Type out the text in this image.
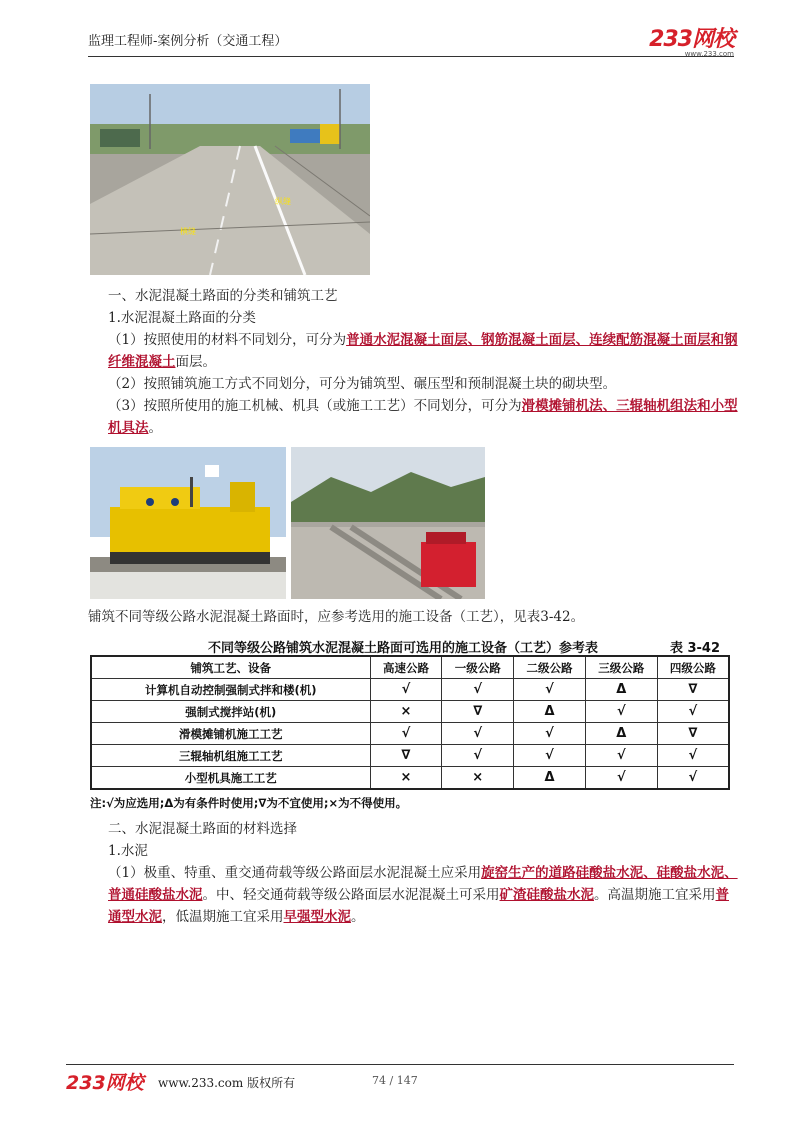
监理工程师-案例分析（交通工程）	233网校
www.233.com
横缝
纵缝

一、水泥混凝土路面的分类和铺筑工艺

1.水泥混凝土路面的分类

（1）按照使用的材料不同划分，可分为普通水泥混凝土面层、钢筋混凝土面层、连续配筋混凝土面层和钢纤维混凝土面层。

（2）按照铺筑施工方式不同划分，可分为铺筑型、碾压型和预制混凝土块的砌块型。

（3）按照所使用的施工机械、机具（或施工工艺）不同划分，可分为滑模摊铺机法、三辊轴机组法和小型机具法。

铺筑不同等级公路水泥混凝土路面时，应参考选用的施工设备（工艺），见表3-42。

不同等级公路铺筑水泥混凝土路面可选用的施工设备（工艺）参考表	表 3-42
铺筑工艺、设备	高速公路	一级公路	二级公路	三级公路	四级公路
计算机自动控制强制式拌和楼(机)	√	√	√	Δ	∇
强制式搅拌站(机)	×	∇	Δ	√	√
滑模摊铺机施工工艺	√	√	√	Δ	∇
三辊轴机组施工工艺	∇	√	√	√	√
小型机具施工工艺	×	×	Δ	√	√
注:√为应选用;Δ为有条件时使用;∇为不宜使用;×为不得使用。

二、水泥混凝土路面的材料选择

1.水泥

（1）极重、特重、重交通荷载等级公路面层水泥混凝土应采用旋窑生产的道路硅酸盐水泥、硅酸盐水泥、普通硅酸盐水泥。中、轻交通荷载等级公路面层水泥混凝土可采用矿渣硅酸盐水泥。高温期施工宜采用普通型水泥，低温期施工宜采用早强型水泥。

233网校 www.233.com 版权所有	74 / 147
